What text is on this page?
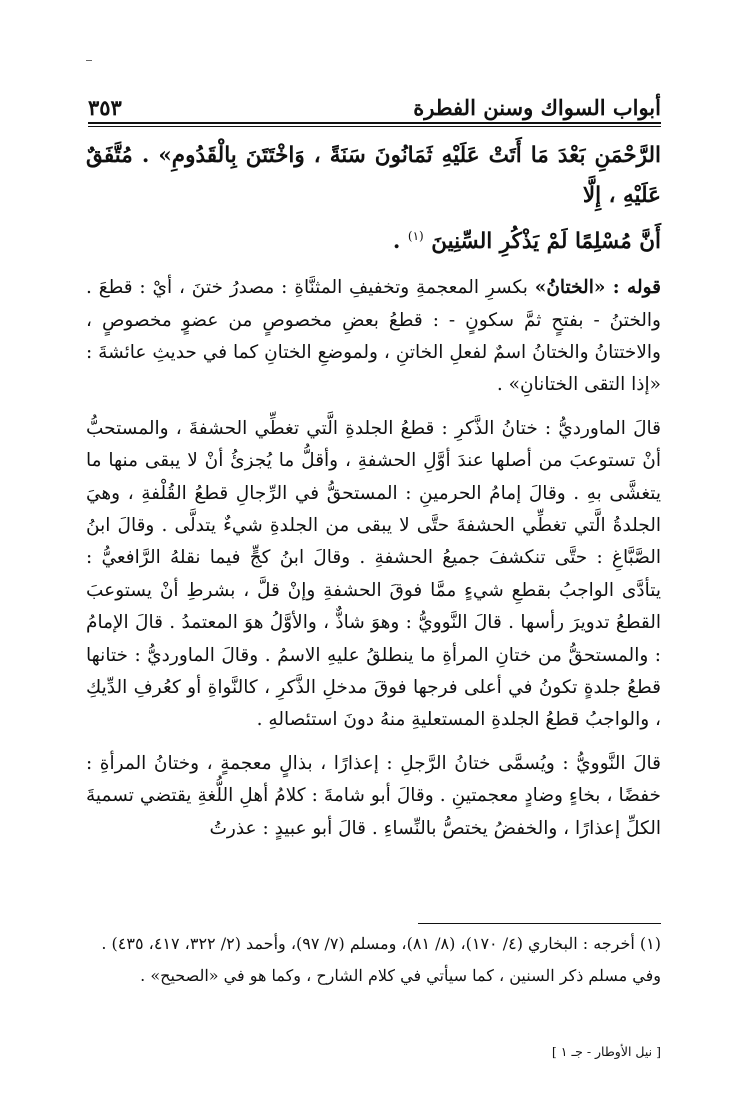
أبواب السواك وسنن الفطرة
٣٥٣

الرَّحْمَنِ بَعْدَ مَا أَتَتْ عَلَيْهِ ثَمَانُونَ سَنَةً ، وَاخْتَتَنَ بِالْقَدُومِ» . مُتَّفَقٌ عَلَيْهِ ، إِلَّا
أَنَّ مُسْلِمًا لَمْ يَذْكُرِ السِّنِينَ $^{(١)}$ .

قوله : «الختانُ» بكسرِ المعجمةِ وتخفيفِ المثنَّاةِ : مصدرُ ختنَ ، أيْ : قطعَ . والختنُ - بفتحٍ ثمَّ سكونٍ - : قطعُ بعضِ مخصوصٍ من عضوٍ مخصوصٍ ، والاختتانُ والختانُ اسمٌ لفعلِ الخاتنِ ، ولموضعِ الختانِ كما في حديثِ عائشةَ : «إذا التقى الختانانِ» .

قالَ الماورديُّ : ختانُ الذَّكرِ : قطعُ الجلدةِ الَّتي تغطِّي الحشفةَ ، والمستحبُّ أنْ تستوعبَ من أصلها عندَ أوَّلِ الحشفةِ ، وأقلُّ ما يُجزئُ أنْ لا يبقى منها ما يتغشَّى بهِ . وقالَ إمامُ الحرمينِ : المستحقُّ في الرِّجالِ قطعُ القُلْفةِ ، وهيَ الجلدةُ الَّتي تغطِّي الحشفةَ حتَّى لا يبقى من الجلدةِ شيءٌ يتدلَّى . وقالَ ابنُ الصَّبَّاغِ : حتَّى تنكشفَ جميعُ الحشفةِ . وقالَ ابنُ كجٍّ فيما نقلهُ الرَّافعيُّ : يتأدَّى الواجبُ بقطعِ شيءٍ ممَّا فوقَ الحشفةِ وإنْ قلَّ ، بشرطِ أنْ يستوعبَ القطعُ تدويرَ رأسها . قالَ النَّوويُّ : وهوَ شاذٌّ ، والأوَّلُ هوَ المعتمدُ . قالَ الإمامُ : والمستحقُّ من ختانِ المرأةِ ما ينطلقُ عليهِ الاسمُ . وقالَ الماورديُّ : ختانها قطعُ جلدةٍ تكونُ في أعلى فرجها فوقَ مدخلِ الذَّكرِ ، كالنَّواةِ أو كعُرفِ الدِّيكِ ، والواجبُ قطعُ الجلدةِ المستعليةِ منهُ دونَ استئصالهِ .

قالَ النَّوويُّ : ويُسمَّى ختانُ الرَّجلِ : إعذارًا ، بذالٍ معجمةٍ ، وختانُ المرأةِ : خفضًا ، بخاءٍ وضادٍ معجمتينِ . وقالَ أبو شامةَ : كلامُ أهلِ اللُّغةِ يقتضي تسميةَ الكلِّ إعذارًا ، والخفضُ يختصُّ بالنِّساءِ . قالَ أبو عبيدٍ : عذرتُ

(١) أخرجه : البخاري (٤/ ١٧٠)، (٨/ ٨١)، ومسلم (٧/ ٩٧)، وأحمد (٢/ ٣٢٢، ٤١٧، ٤٣٥) .

وفي مسلم ذكر السنين ، كما سيأتي في كلام الشارح ، وكما هو في «الصحيح» .

[ نيل الأوطار - جـ ١ ]
